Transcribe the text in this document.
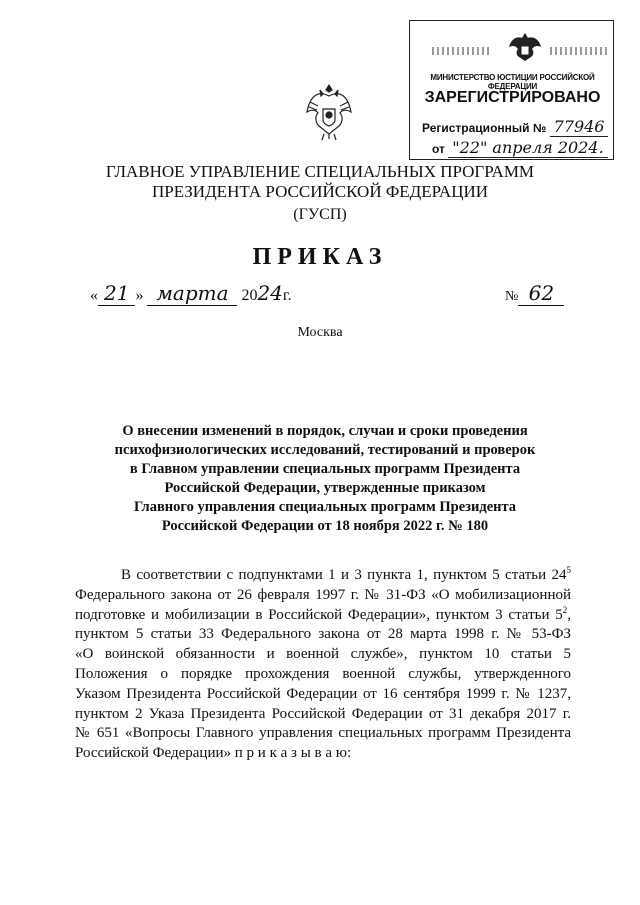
МИНИСТЕРСТВО ЮСТИЦИИ РОССИЙСКОЙ ФЕДЕРАЦИИ
ЗАРЕГИСТРИРОВАНО
Регистрационный № 77946
от "22" апреля 2024.
ГЛАВНОЕ УПРАВЛЕНИЕ СПЕЦИАЛЬНЫХ ПРОГРАММ
ПРЕЗИДЕНТА РОССИЙСКОЙ ФЕДЕРАЦИИ
(ГУСП)
ПРИКАЗ
« 21 » марта 2024г.	№ 62
Москва
О внесении изменений в порядок, случаи и сроки проведения
психофизиологических исследований, тестирований и проверок
в Главном управлении специальных программ Президента
Российской Федерации, утвержденные приказом
Главного управления специальных программ Президента
Российской Федерации от 18 ноября 2022 г. № 180
В соответствии с подпунктами 1 и 3 пункта 1, пунктом 5 статьи $24^5$
Федерального закона от 26 февраля 1997 г. № 31-ФЗ «О мобилизационной
подготовке и мобилизации в Российской Федерации», пунктом 3 статьи $5^2$,
пунктом 5 статьи 33 Федерального закона от 28 марта 1998 г. № 53-ФЗ
«О воинской обязанности и военной службе», пунктом 10 статьи 5
Положения о порядке прохождения военной службы, утвержденного
Указом Президента Российской Федерации от 16 сентября 1999 г. № 1237,
пунктом 2 Указа Президента Российской Федерации от 31 декабря 2017 г.
№ 651 «Вопросы Главного управления специальных программ Президента
Российской Федерации» п р и к а з ы в а ю:
